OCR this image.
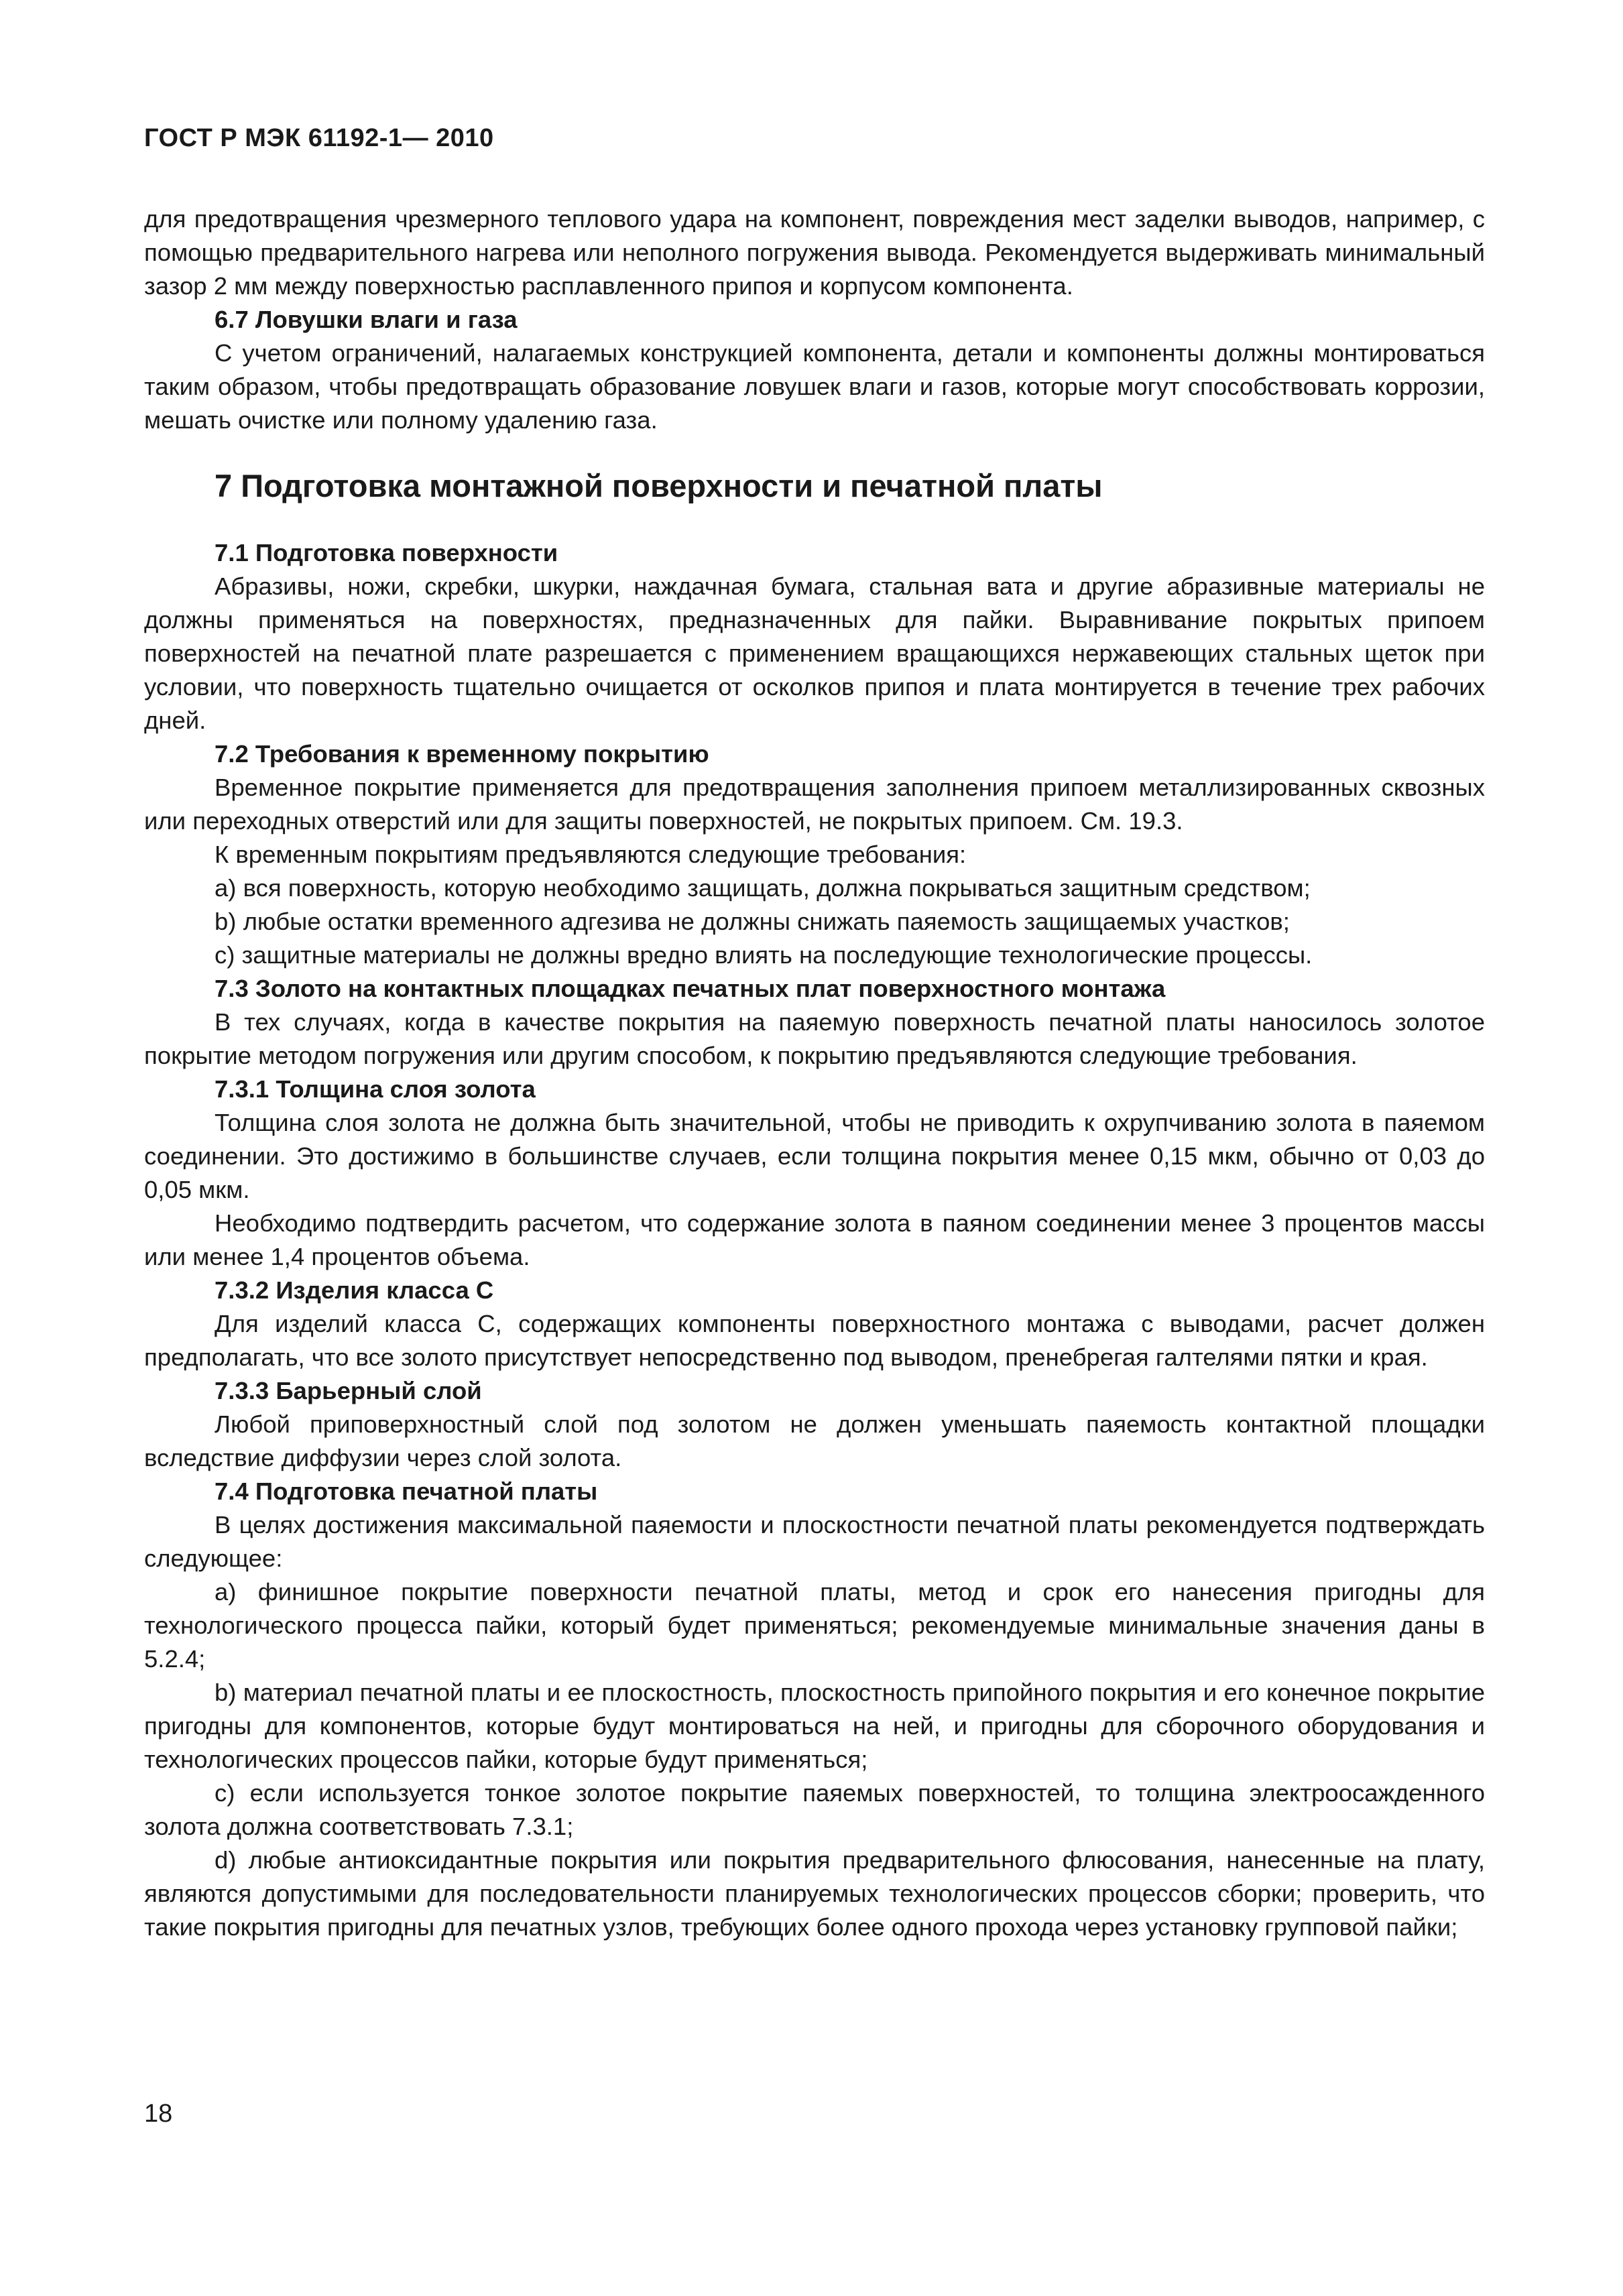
ГОСТ Р МЭК 61192-1— 2010

для предотвращения чрезмерного теплового удара на компонент, повреждения мест заделки выводов, например, с помощью предварительного нагрева или неполного погружения вывода. Рекомендуется выдерживать минимальный зазор 2 мм между поверхностью расплавленного припоя и корпусом компонента.

6.7 Ловушки влаги и газа

С учетом ограничений, налагаемых конструкцией компонента, детали и компоненты должны монтироваться таким образом, чтобы предотвращать образование ловушек влаги и газов, которые могут способствовать коррозии, мешать очистке или полному удалению газа.

7 Подготовка монтажной поверхности и печатной платы

7.1 Подготовка поверхности

Абразивы, ножи, скребки, шкурки, наждачная бумага, стальная вата и другие абразивные материалы не должны применяться на поверхностях, предназначенных для пайки. Выравнивание покрытых припоем поверхностей на печатной плате разрешается с применением вращающихся нержавеющих стальных щеток при условии, что поверхность тщательно очищается от осколков припоя и плата монтируется в течение трех рабочих дней.

7.2 Требования к временному покрытию

Временное покрытие применяется для предотвращения заполнения припоем металлизированных сквозных или переходных отверстий или для защиты поверхностей, не покрытых припоем. См. 19.3.

К временным покрытиям предъявляются следующие требования:

a) вся поверхность, которую необходимо защищать, должна покрываться защитным средством;

b) любые остатки временного адгезива не должны снижать паяемость защищаемых участков;

c) защитные материалы не должны вредно влиять на последующие технологические процессы.

7.3 Золото на контактных площадках печатных плат поверхностного монтажа

В тех случаях, когда в качестве покрытия на паяемую поверхность печатной платы наносилось золотое покрытие методом погружения или другим способом, к покрытию предъявляются следующие требования.

7.3.1 Толщина слоя золота

Толщина слоя золота не должна быть значительной, чтобы не приводить к охрупчиванию золота в паяемом соединении. Это достижимо в большинстве случаев, если толщина покрытия менее 0,15 мкм, обычно от 0,03 до 0,05 мкм.

Необходимо подтвердить расчетом, что содержание золота в паяном соединении менее 3 процентов массы или менее 1,4 процентов объема.

7.3.2 Изделия класса С

Для изделий класса С, содержащих компоненты поверхностного монтажа с выводами, расчет должен предполагать, что все золото присутствует непосредственно под выводом, пренебрегая галтелями пятки и края.

7.3.3 Барьерный слой

Любой приповерхностный слой под золотом не должен уменьшать паяемость контактной площадки вследствие диффузии через слой золота.

7.4 Подготовка печатной платы

В целях достижения максимальной паяемости и плоскостности печатной платы рекомендуется подтверждать следующее:

a) финишное покрытие поверхности печатной платы, метод и срок его нанесения пригодны для технологического процесса пайки, который будет применяться; рекомендуемые минимальные значения даны в 5.2.4;

b) материал печатной платы и ее плоскостность, плоскостность припойного покрытия и его конечное покрытие пригодны для компонентов, которые будут монтироваться на ней, и пригодны для сборочного оборудования и технологических процессов пайки, которые будут применяться;

c) если используется тонкое золотое покрытие паяемых поверхностей, то толщина электроосажденного золота должна соответствовать 7.3.1;

d) любые антиоксидантные покрытия или покрытия предварительного флюсования, нанесенные на плату, являются допустимыми для последовательности планируемых технологических процессов сборки; проверить, что такие покрытия пригодны для печатных узлов, требующих более одного прохода через установку групповой пайки;

18
